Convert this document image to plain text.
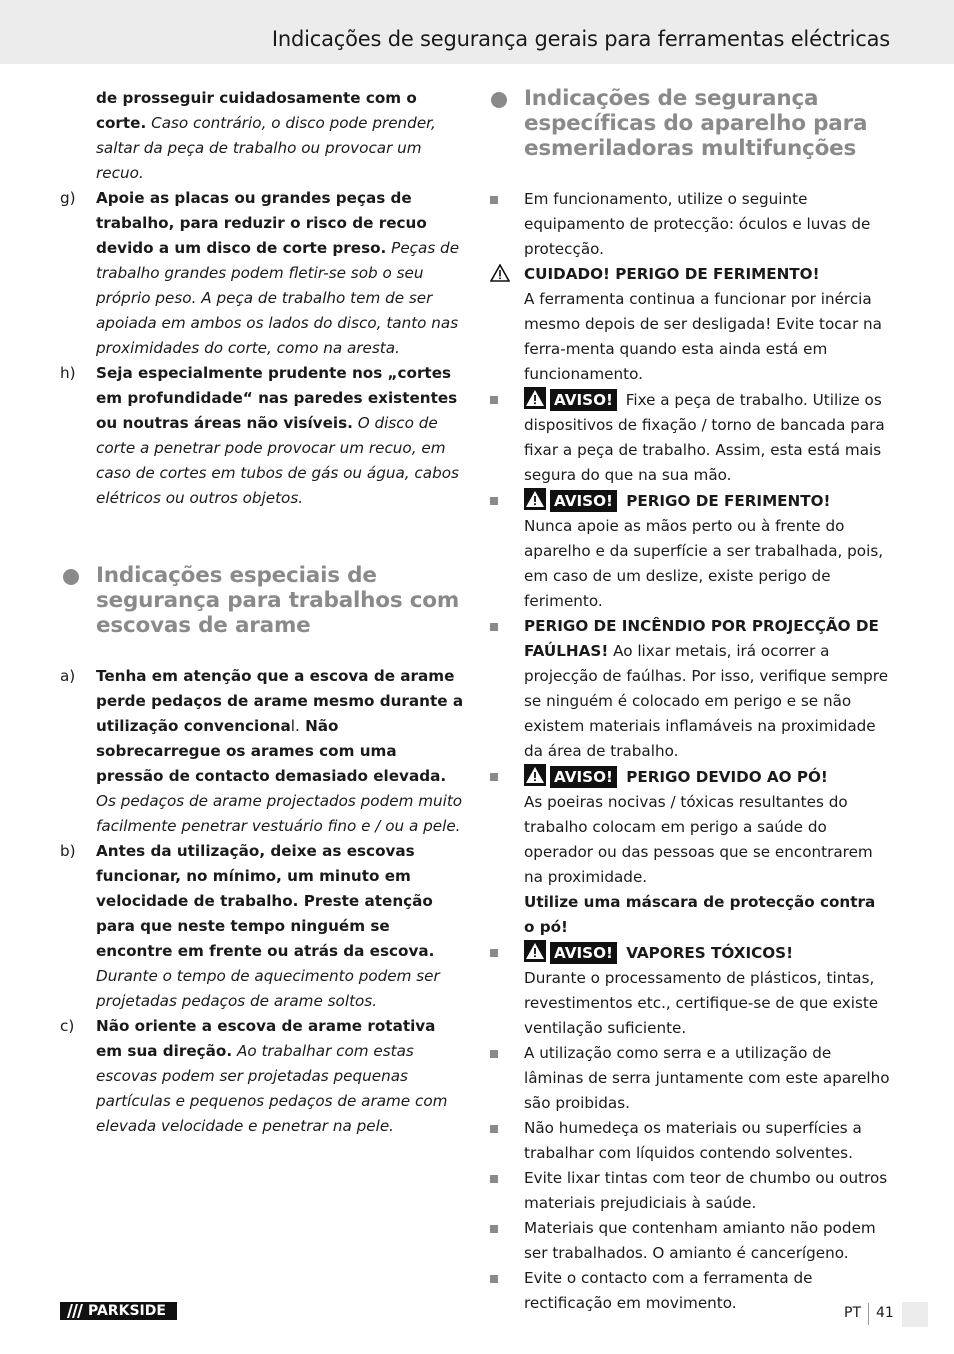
Indicações de segurança gerais para ferramentas eléctricas
de prosseguir cuidadosamente com o corte. Caso contrário, o disco pode prender, saltar da peça de trabalho ou provocar um recuo.
g) Apoie as placas ou grandes peças de trabalho, para reduzir o risco de recuo devido a um disco de corte preso. Peças de trabalho grandes podem fletir-se sob o seu próprio peso. A peça de trabalho tem de ser apoiada em ambos os lados do disco, tanto nas proximidades do corte, como na aresta.
h) Seja especialmente prudente nos „cortes em profundidade“ nas paredes existentes ou noutras áreas não visíveis. O disco de corte a penetrar pode provocar um recuo, em caso de cortes em tubos de gás ou água, cabos elétricos ou outros objetos.
Indicações especiais de segurança para trabalhos com escovas de arame
a) Tenha em atenção que a escova de arame perde pedaços de arame mesmo durante a utilização convencional. Não sobrecarregue os arames com uma pressão de contacto demasiado elevada. Os pedaços de arame projectados podem muito facilmente penetrar vestuário fino e / ou a pele.
b) Antes da utilização, deixe as escovas funcionar, no mínimo, um minuto em velocidade de trabalho. Preste atenção para que neste tempo ninguém se encontre em frente ou atrás da escova. Durante o tempo de aquecimento podem ser projetadas pedaços de arame soltos.
c) Não oriente a escova de arame rotativa em sua direção. Ao trabalhar com estas escovas podem ser projetadas pequenas partículas e pequenos pedaços de arame com elevada velocidade e penetrar na pele.
Indicações de segurança específicas do aparelho para esmeriladoras multifunções
Em funcionamento, utilize o seguinte equipamento de protecção: óculos e luvas de protecção.
CUIDADO! PERIGO DE FERIMENTO!
A ferramenta continua a funcionar por inércia mesmo depois de ser desligada! Evite tocar na ferra-menta quando esta ainda está em funcionamento.
AVISO! Fixe a peça de trabalho. Utilize os dispositivos de fixação / torno de bancada para fixar a peça de trabalho. Assim, esta está mais segura do que na sua mão.
AVISO! PERIGO DE FERIMENTO!
Nunca apoie as mãos perto ou à frente do aparelho e da superfície a ser trabalhada, pois, em caso de um deslize, existe perigo de ferimento.
PERIGO DE INCÊNDIO POR PROJECÇÃO DE FAÚLHAS! Ao lixar metais, irá ocorrer a projecção de faúlhas. Por isso, verifique sempre se ninguém é colocado em perigo e se não existem materiais inflamáveis na proximidade da área de trabalho.
AVISO! PERIGO DEVIDO AO PÓ!
As poeiras nocivas / tóxicas resultantes do trabalho colocam em perigo a saúde do operador ou das pessoas que se encontrarem na proximidade.
Utilize uma máscara de protecção contra o pó!
AVISO! VAPORES TÓXICOS!
Durante o processamento de plásticos, tintas, revestimentos etc., certifique-se de que existe ventilação suficiente.
A utilização como serra e a utilização de lâminas de serra juntamente com este aparelho são proibidas.
Não humedeça os materiais ou superfícies a trabalhar com líquidos contendo solventes.
Evite lixar tintas com teor de chumbo ou outros materiais prejudiciais à saúde.
Materiais que contenham amianto não podem ser trabalhados. O amianto é cancerígeno.
Evite o contacto com a ferramenta de rectificação em movimento.
PARKSIDE	PT 41
